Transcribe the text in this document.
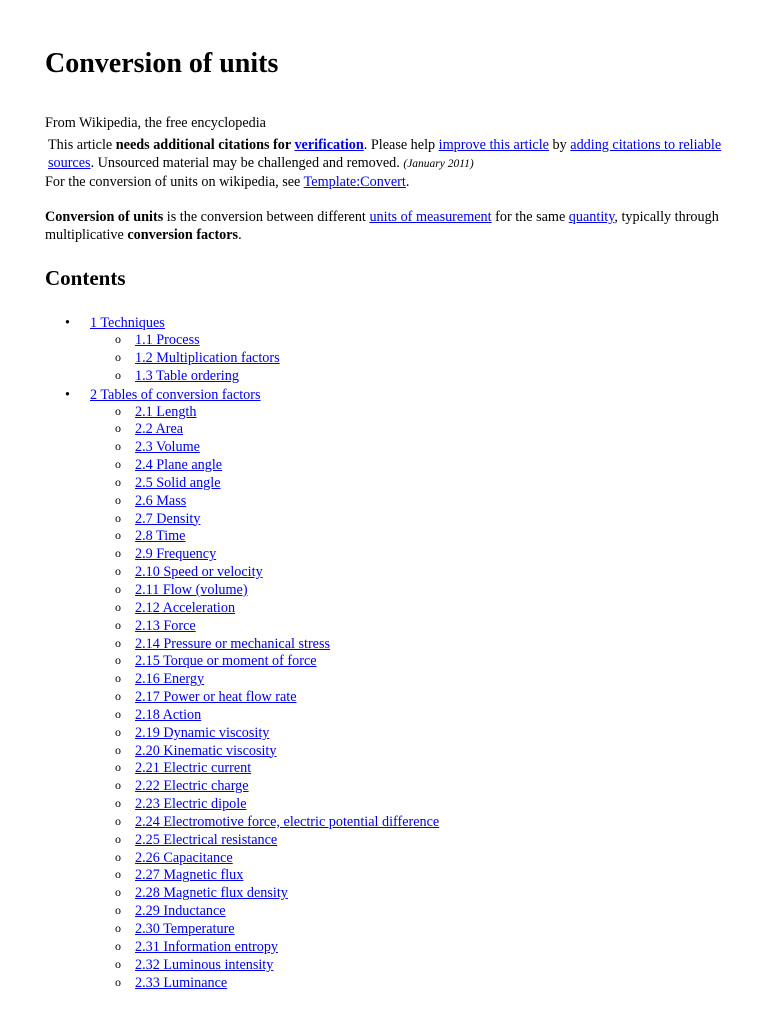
Conversion of units
From Wikipedia, the free encyclopedia
This article needs additional citations for verification. Please help improve this article by adding citations to reliable sources. Unsourced material may be challenged and removed. (January 2011)
For the conversion of units on wikipedia, see Template:Convert.
Conversion of units is the conversion between different units of measurement for the same quantity, typically through multiplicative conversion factors.
Contents
• 1 Techniques
o 1.1 Process
o 1.2 Multiplication factors
o 1.3 Table ordering
• 2 Tables of conversion factors
o 2.1 Length
o 2.2 Area
o 2.3 Volume
o 2.4 Plane angle
o 2.5 Solid angle
o 2.6 Mass
o 2.7 Density
o 2.8 Time
o 2.9 Frequency
o 2.10 Speed or velocity
o 2.11 Flow (volume)
o 2.12 Acceleration
o 2.13 Force
o 2.14 Pressure or mechanical stress
o 2.15 Torque or moment of force
o 2.16 Energy
o 2.17 Power or heat flow rate
o 2.18 Action
o 2.19 Dynamic viscosity
o 2.20 Kinematic viscosity
o 2.21 Electric current
o 2.22 Electric charge
o 2.23 Electric dipole
o 2.24 Electromotive force, electric potential difference
o 2.25 Electrical resistance
o 2.26 Capacitance
o 2.27 Magnetic flux
o 2.28 Magnetic flux density
o 2.29 Inductance
o 2.30 Temperature
o 2.31 Information entropy
o 2.32 Luminous intensity
o 2.33 Luminance
